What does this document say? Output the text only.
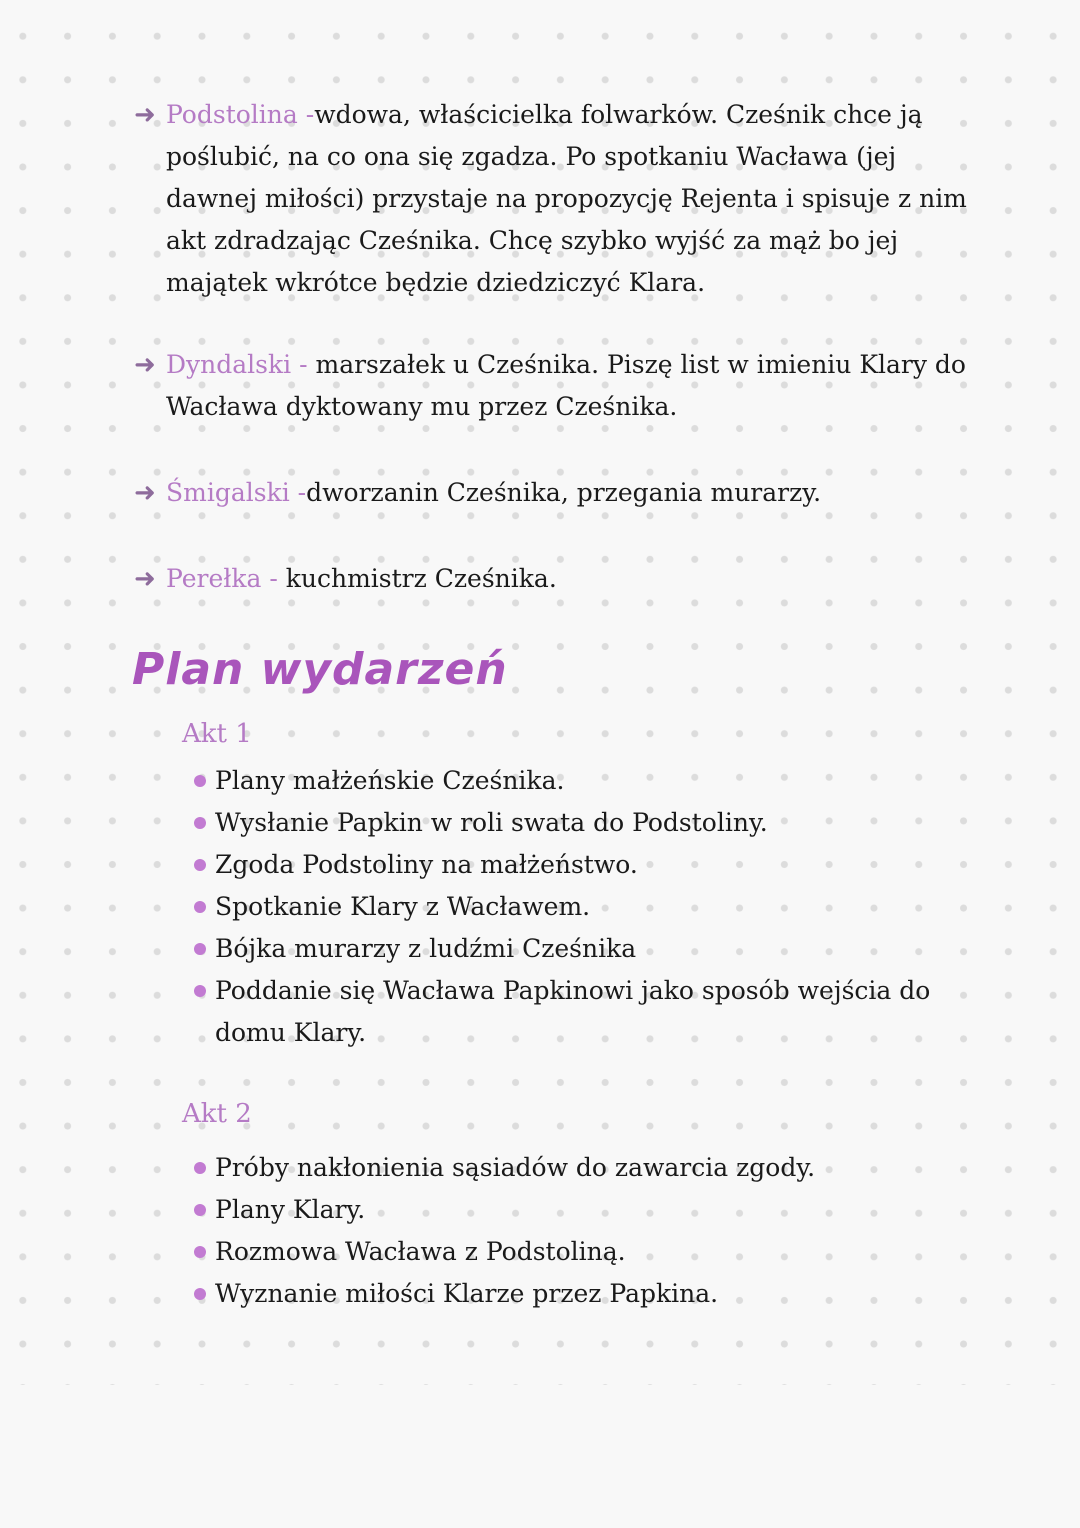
➜ Podstolina -wdowa, właścicielka folwarków. Cześnik chce ją poślubić, na co ona się zgadza. Po spotkaniu Wacława (jej dawnej miłości) przystaje na propozycję Rejenta i spisuje z nim akt zdradzając Cześnika. Chcę szybko wyjść za mąż bo jej majątek wkrótce będzie dziedziczyć Klara.
➜ Dyndalski - marszałek u Cześnika. Piszę list w imieniu Klary do Wacława dyktowany mu przez Cześnika.
➜ Śmigalski -dworzanin Cześnika, przegania murarzy.
➜ Perełka - kuchmistrz Cześnika.
Plan wydarzeń
Akt 1
Plany małżeńskie Cześnika.
Wysłanie Papkin w roli swata do Podstoliny.
Zgoda Podstoliny na małżeństwo.
Spotkanie Klary z Wacławem.
Bójka murarzy z ludźmi Cześnika
Poddanie się Wacława Papkinowi jako sposób wejścia do domu Klary.
Akt 2
Próby nakłonienia sąsiadów do zawarcia zgody.
Plany Klary.
Rozmowa Wacława z Podstoliną.
Wyznanie miłości Klarze przez Papkina.
